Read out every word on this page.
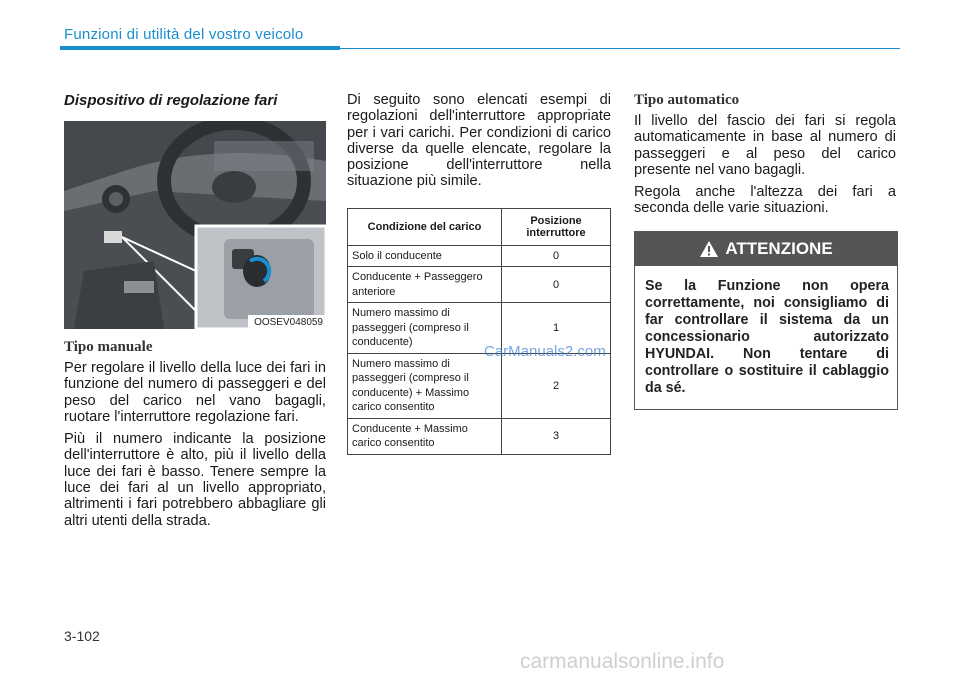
Funzioni di utilità del vostro veicolo
Dispositivo di regolazione fari
OOSEV048059
Tipo manuale

Per regolare il livello della luce dei fari in funzione del numero di passeggeri e del peso del carico nel vano bagagli, ruotare l'interruttore regolazione fari.

Più il numero indicante la posizione dell'interruttore è alto, più il livello della luce dei fari è basso. Tenere sempre la luce dei fari al un livello appropriato, altrimenti i fari potrebbero abbagliare gli altri utenti della strada.

Di seguito sono elencati esempi di regolazioni dell'interruttore appropriate per i vari carichi. Per condizioni di carico diverse da quelle elencate, regolare la posizione dell'interruttore nella situazione più simile.

Condizione del carico	Posizione interruttore
Solo il conducente	0
Conducente + Passeggero anteriore	0
Numero massimo di passeggeri (compreso il conducente)	1
Numero massimo di passeggeri (compreso il conducente) + Massimo carico consentito	2
Conducente + Massimo carico consentito	3
Tipo automatico

Il livello del fascio dei fari si regola automaticamente in base al numero di passeggeri e al peso del carico presente nel vano bagagli.

Regola anche l'altezza dei fari a seconda delle varie situazioni.

ATTENZIONE
Se la Funzione non opera correttamente, noi consigliamo di far controllare il sistema da un concessionario autorizzato HYUNDAI. Non tentare di controllare o sostituire il cablaggio da sé.
CarManuals2.com
3-102
carmanualsonline.info
